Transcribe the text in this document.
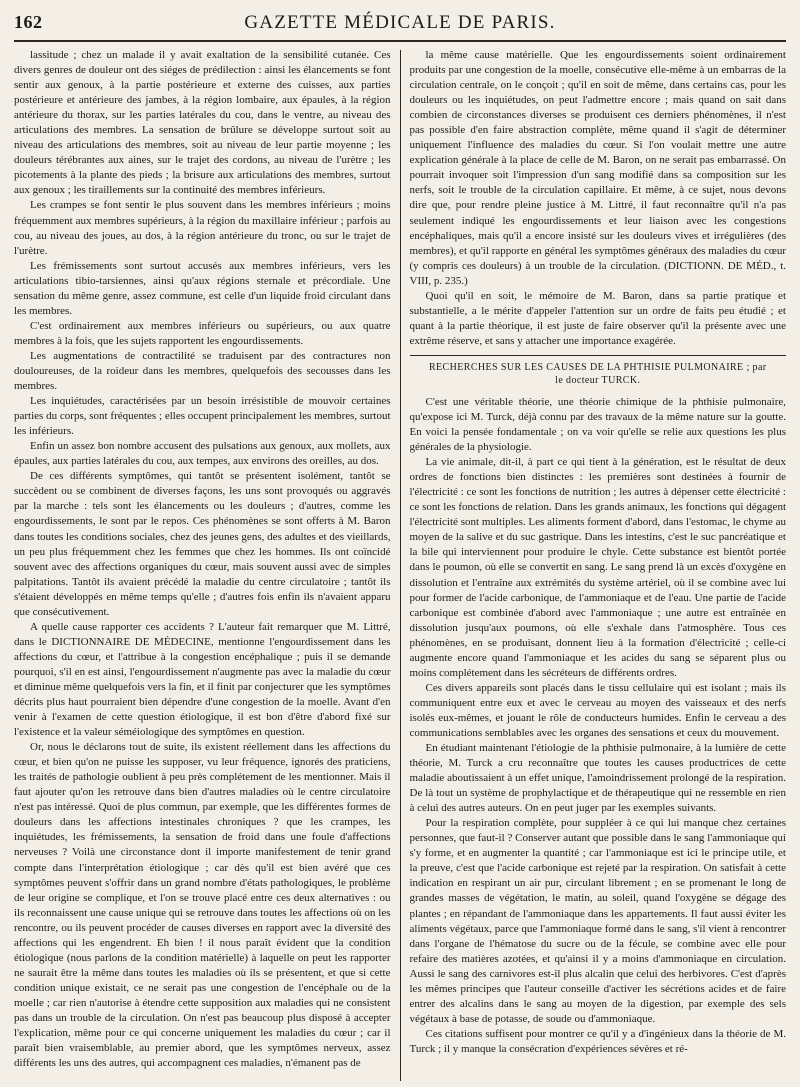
162	GAZETTE MÉDICALE DE PARIS.

lassitude ; chez un malade il y avait exaltation de la sensibilité cutanée. Ces divers genres de douleur ont des siéges de prédilection : ainsi les élancements se font sentir aux genoux, à la partie postérieure et externe des cuisses, aux parties postérieure et antérieure des jambes, à la région lombaire, aux épaules, à la région antérieure du thorax, sur les parties latérales du cou, dans le ventre, au niveau des articulations des membres. La sensation de brûlure se développe surtout soit au niveau des articulations des membres, soit au niveau de leur partie moyenne ; les douleurs térébrantes aux aines, sur le trajet des cordons, au niveau de l'urètre ; les picotements à la plante des pieds ; la brisure aux articulations des membres, surtout aux genoux ; les tiraillements sur la continuité des membres inférieurs.

Les crampes se font sentir le plus souvent dans les membres inférieurs ; moins fréquemment aux membres supérieurs, à la région du maxillaire inférieur ; parfois au cou, au niveau des joues, au dos, à la région antérieure du tronc, ou sur le trajet de l'urètre.

Les frémissements sont surtout accusés aux membres inférieurs, vers les articulations tibio-tarsiennes, ainsi qu'aux régions sternale et précordiale. Une sensation du même genre, assez commune, est celle d'un liquide froid circulant dans les membres.

C'est ordinairement aux membres inférieurs ou supérieurs, ou aux quatre membres à la fois, que les sujets rapportent les engourdissements.

Les augmentations de contractilité se traduisent par des contractures non douloureuses, de la roideur dans les membres, quelquefois des secousses dans les membres.

Les inquiétudes, caractérisées par un besoin irrésistible de mouvoir certaines parties du corps, sont fréquentes ; elles occupent principalement les membres, surtout les inférieurs.

Enfin un assez bon nombre accusent des pulsations aux genoux, aux mollets, aux épaules, aux parties latérales du cou, aux tempes, aux environs des oreilles, au dos.

De ces différents symptômes, qui tantôt se présentent isolément, tantôt se succèdent ou se combinent de diverses façons, les uns sont provoqués ou aggravés par la marche : tels sont les élancements ou les douleurs ; d'autres, comme les engourdissements, le sont par le repos. Ces phénomènes se sont offerts à M. Baron dans toutes les conditions sociales, chez des jeunes gens, des adultes et des vieillards, un peu plus fréquemment chez les femmes que chez les hommes. Ils ont coïncidé souvent avec des affections organiques du cœur, mais souvent aussi avec de simples palpitations. Tantôt ils avaient précédé la maladie du centre circulatoire ; tantôt ils s'étaient développés en même temps qu'elle ; d'autres fois enfin ils n'avaient apparu que consécutivement.

A quelle cause rapporter ces accidents ? L'auteur fait remarquer que M. Littré, dans le DICTIONNAIRE DE MÉDECINE, mentionne l'engourdissement dans les affections du cœur, et l'attribue à la congestion encéphalique ; puis il se demande pourquoi, s'il en est ainsi, l'engourdissement n'augmente pas avec la maladie du cœur et diminue même quelquefois vers la fin, et il finit par conjecturer que les symptômes décrits plus haut pourraient bien dépendre d'une congestion de la moelle. Avant d'en venir à l'examen de cette question étiologique, il est bon d'être d'abord fixé sur l'existence et la valeur séméiologique des symptômes en question.

Or, nous le déclarons tout de suite, ils existent réellement dans les affections du cœur, et bien qu'on ne puisse les supposer, vu leur fréquence, ignorés des praticiens, les traités de pathologie oublient à peu près complétement de les mentionner. Mais il faut ajouter qu'on les retrouve dans bien d'autres maladies où le centre circulatoire n'est pas intéressé. Quoi de plus commun, par exemple, que les différentes formes de douleurs dans les affections intestinales chroniques ? que les crampes, les inquiétudes, les frémissements, la sensation de froid dans une foule d'affections nerveuses ? Voilà une circonstance dont il importe manifestement de tenir grand compte dans l'interprétation étiologique ; car dès qu'il est bien avéré que ces symptômes peuvent s'offrir dans un grand nombre d'états pathologiques, le problème de leur origine se complique, et l'on se trouve placé entre ces deux alternatives : ou ils reconnaissent une cause unique qui se retrouve dans toutes les affections où on les rencontre, ou ils peuvent procéder de causes diverses en rapport avec la diversité des affections qui les engendrent. Eh bien ! il nous paraît évident que la condition étiologique (nous parlons de la condition matérielle) à laquelle on peut les rapporter ne saurait être la même dans toutes les maladies où ils se présentent, et que si cette condition unique existait, ce ne serait pas une congestion de l'encéphale ou de la moelle ; car rien n'autorise à étendre cette supposition aux maladies qui ne consistent pas dans un trouble de la circulation. On n'est pas beaucoup plus disposé à accepter l'explication, même pour ce qui concerne uniquement les maladies du cœur ; car il paraît bien vraisemblable, au premier abord, que les symptômes nerveux, assez différents les uns des autres, qui accompagnent ces maladies, n'émanent pas de

la même cause matérielle. Que les engourdissements soient ordinairement produits par une congestion de la moelle, consécutive elle-même à un embarras de la circulation centrale, on le conçoit ; qu'il en soit de même, dans certains cas, pour les douleurs ou les inquiétudes, on peut l'admettre encore ; mais quand on sait dans combien de circonstances diverses se produisent ces derniers phénomènes, il n'est pas possible d'en faire abstraction complète, même quand il s'agit de déterminer uniquement l'influence des maladies du cœur. Si l'on voulait mettre une autre explication générale à la place de celle de M. Baron, on ne serait pas embarrassé. On pourrait invoquer soit l'impression d'un sang modifié dans sa composition sur les nerfs, soit le trouble de la circulation capillaire. Et même, à ce sujet, nous devons dire que, pour rendre pleine justice à M. Littré, il faut reconnaître qu'il n'a pas seulement indiqué les engourdissements et leur liaison avec les congestions encéphaliques, mais qu'il a encore insisté sur les douleurs vives et irrégulières (des membres), et qu'il rapporte en général les symptômes généraux des maladies du cœur (y compris ces douleurs) à un trouble de la circulation. (DICTIONN. DE MÉD., t. VIII, p. 235.)

Quoi qu'il en soit, le mémoire de M. Baron, dans sa partie pratique et substantielle, a le mérite d'appeler l'attention sur un ordre de faits peu étudié ; et quant à la partie théorique, il est juste de faire observer qu'il la présente avec une extrême réserve, et sans y attacher une importance exagérée.

RECHERCHES SUR LES CAUSES DE LA PHTHISIE PULMONAIRE ; par
le docteur TURCK.

C'est une véritable théorie, une théorie chimique de la phthisie pulmonaire, qu'expose ici M. Turck, déjà connu par des travaux de la même nature sur la goutte. En voici la pensée fondamentale ; on va voir qu'elle se relie aux questions les plus générales de la physiologie.

La vie animale, dit-il, à part ce qui tient à la génération, est le résultat de deux ordres de fonctions bien distinctes : les premières sont destinées à fournir de l'électricité : ce sont les fonctions de nutrition ; les autres à dépenser cette électricité : ce sont les fonctions de relation. Dans les grands animaux, les fonctions qui dégagent l'électricité sont multiples. Les aliments forment d'abord, dans l'estomac, le chyme au moyen de la salive et du suc gastrique. Dans les intestins, c'est le suc pancréatique et la bile qui interviennent pour produire le chyle. Cette substance est bientôt portée dans le poumon, où elle se convertit en sang. Le sang prend là un excès d'oxygène en dissolution et l'entraîne aux extrémités du système artériel, où il se combine avec lui pour former de l'acide carbonique, de l'ammoniaque et de l'eau. Une partie de l'acide carbonique est combinée d'abord avec l'ammoniaque ; une autre est entraînée en dissolution jusqu'aux poumons, où elle s'exhale dans l'atmosphère. Tous ces phénomènes, en se produisant, donnent lieu à la formation d'électricité ; celle-ci augmente encore quand l'ammoniaque et les acides du sang se séparent plus ou moins complétement dans les sécréteurs de différents ordres.

Ces divers appareils sont placés dans le tissu cellulaire qui est isolant ; mais ils communiquent entre eux et avec le cerveau au moyen des vaisseaux et des nerfs isolés eux-mêmes, et jouant le rôle de conducteurs humides. Enfin le cerveau a des communications semblables avec les organes des sensations et ceux du mouvement.

En étudiant maintenant l'étiologie de la phthisie pulmonaire, à la lumière de cette théorie, M. Turck a cru reconnaître que toutes les causes productrices de cette maladie aboutissaient à un effet unique, l'amoindrissement prolongé de la respiration. De là tout un système de prophylactique et de thérapeutique qui ne ressemble en rien à celui des autres auteurs. On en peut juger par les exemples suivants.

Pour la respiration complète, pour suppléer à ce qui lui manque chez certaines personnes, que faut-il ? Conserver autant que possible dans le sang l'ammoniaque qui s'y forme, et en augmenter la quantité ; car l'ammoniaque est ici le principe utile, et la preuve, c'est que l'acide carbonique est rejeté par la respiration. On satisfait à cette indication en respirant un air pur, circulant librement ; en se promenant le long de grandes masses de végétation, le matin, au soleil, quand l'oxygène se dégage des plantes ; en répandant de l'ammoniaque dans les appartements. Il faut aussi éviter les aliments végétaux, parce que l'ammoniaque formé dans le sang, s'il vient à rencontrer dans l'organe de l'hématose du sucre ou de la fécule, se combine avec elle pour refaire des matières azotées, et qu'ainsi il y a moins d'ammoniaque en circulation. Aussi le sang des carnivores est-il plus alcalin que celui des herbivores. C'est d'après les mêmes principes que l'auteur conseille d'activer les sécrétions acides et de faire entrer des alcalins dans le sang au moyen de la digestion, par exemple des sels végétaux à base de potasse, de soude ou d'ammoniaque.

Ces citations suffisent pour montrer ce qu'il y a d'ingénieux dans la théorie de M. Turck ; il y manque la consécration d'expériences sévères et ré-
